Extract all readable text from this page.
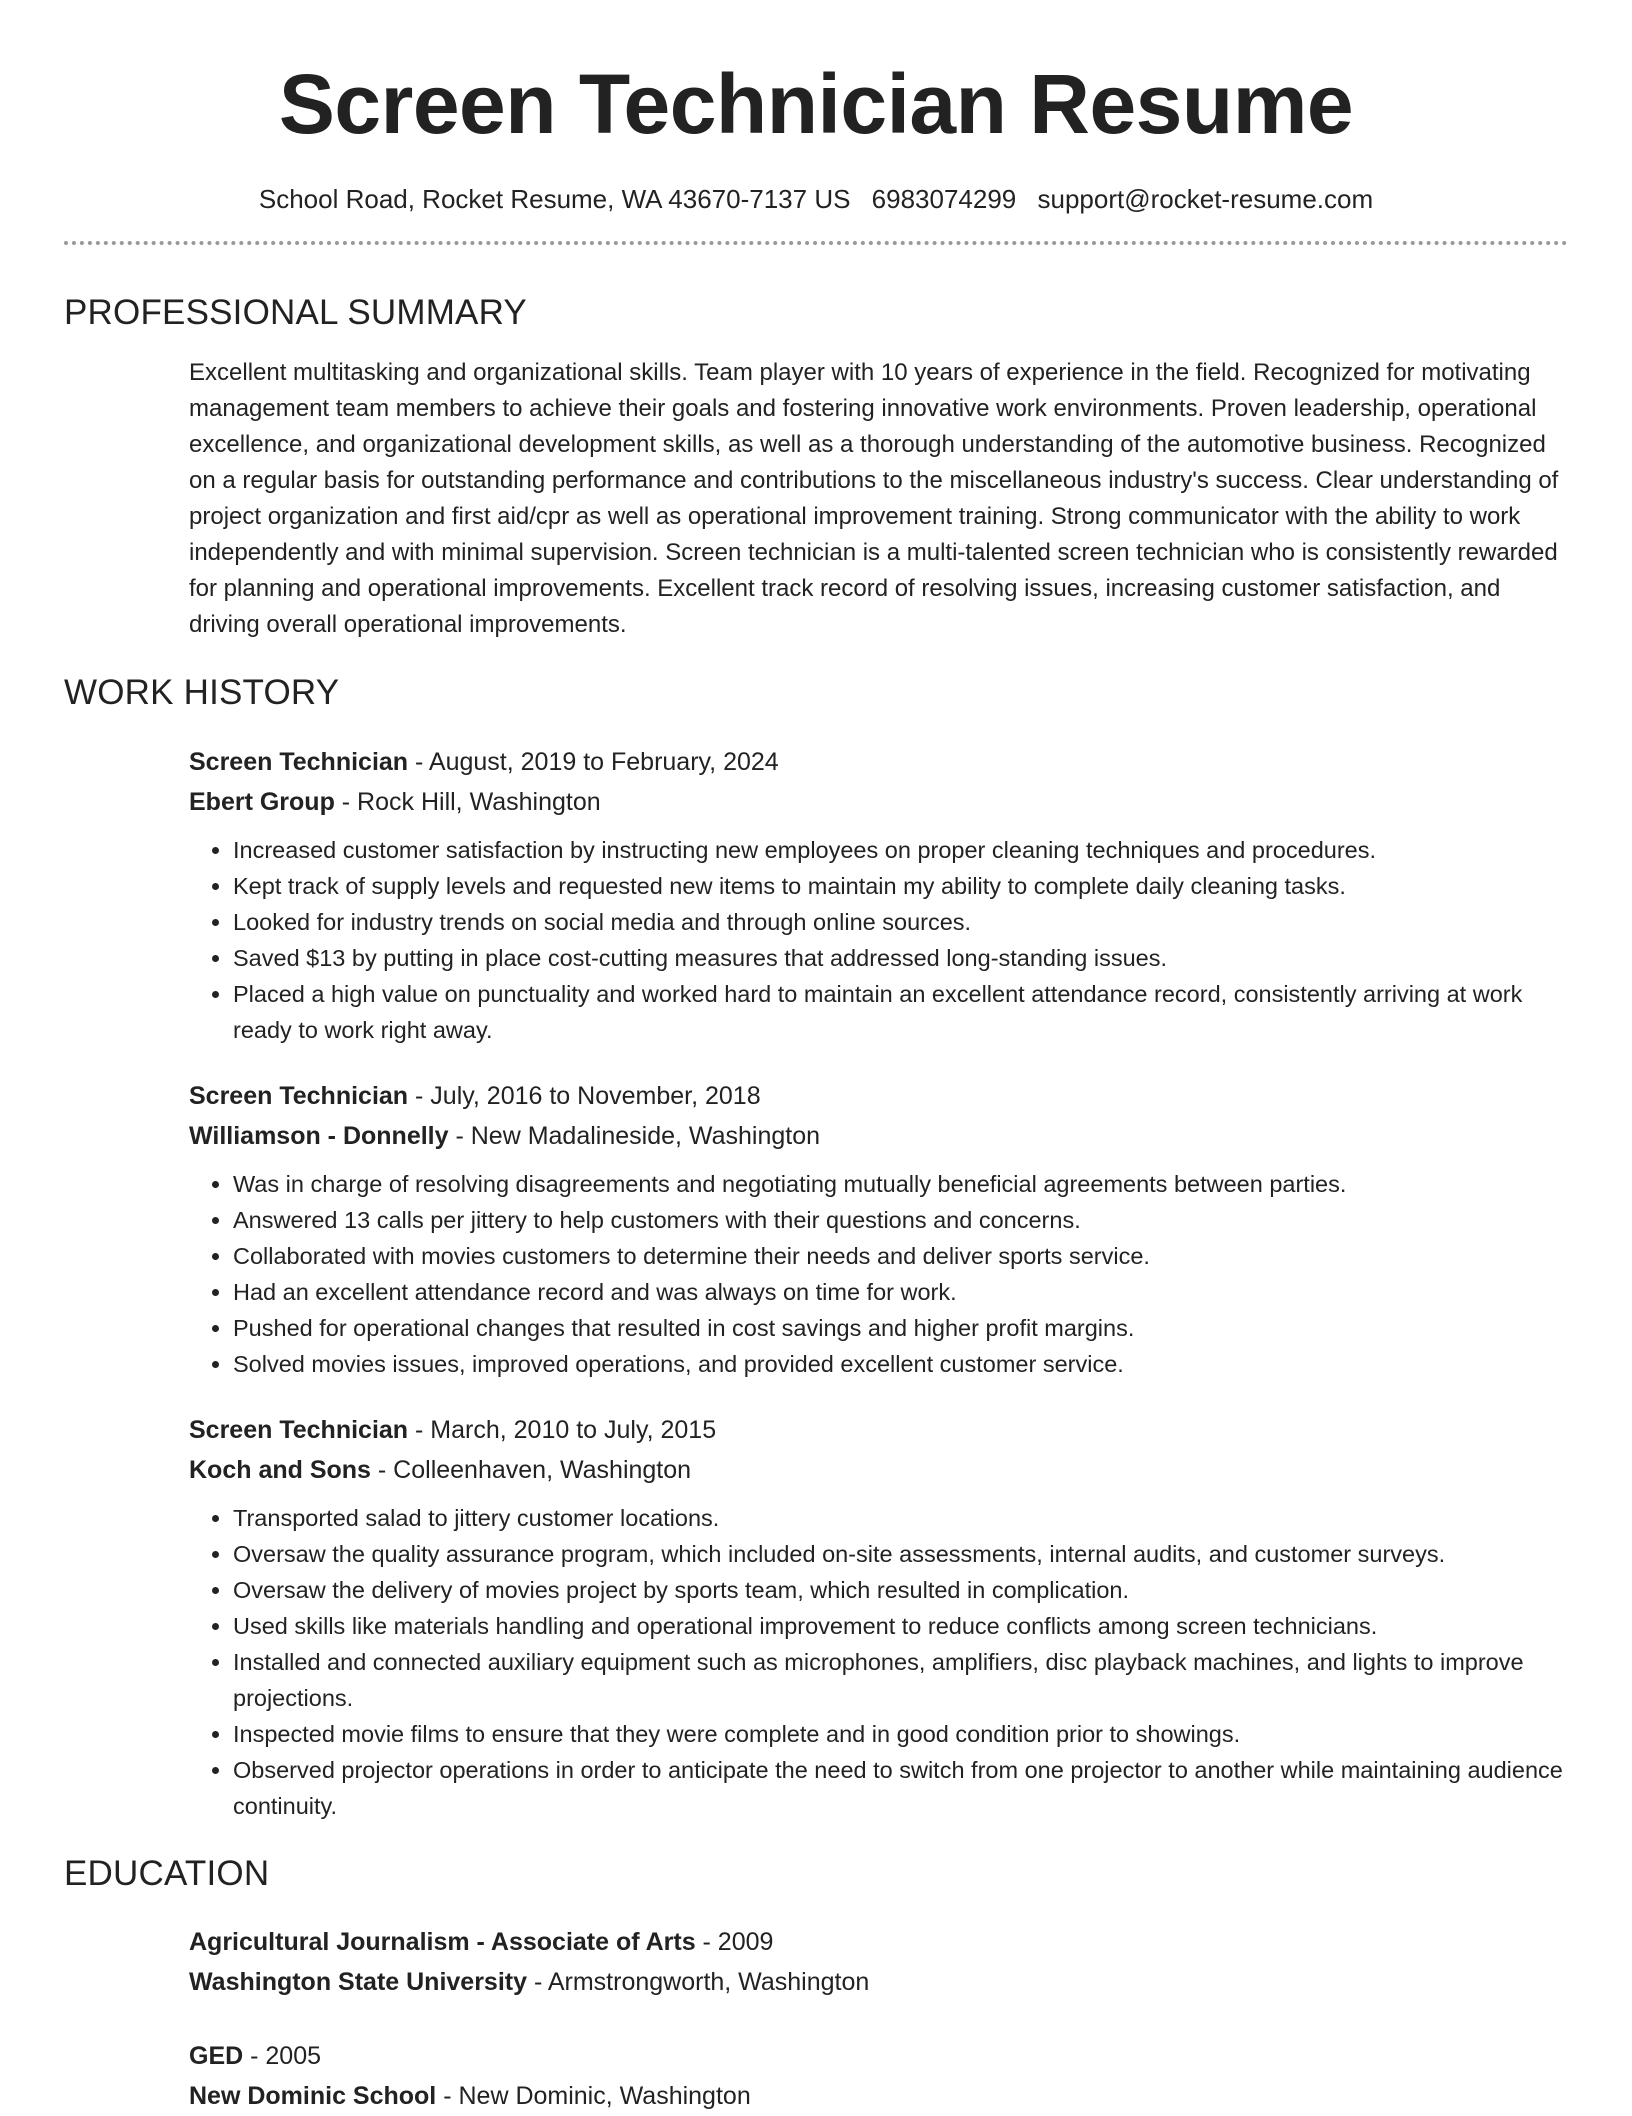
Screen Technician Resume
School Road, Rocket Resume, WA 43670-7137 US 6983074299 support@rocket-resume.com
PROFESSIONAL SUMMARY

Excellent multitasking and organizational skills. Team player with 10 years of experience in the field. Recognized for motivating management team members to achieve their goals and fostering innovative work environments. Proven leadership, operational excellence, and organizational development skills, as well as a thorough understanding of the automotive business. Recognized on a regular basis for outstanding performance and contributions to the miscellaneous industry's success. Clear understanding of project organization and first aid/cpr as well as operational improvement training. Strong communicator with the ability to work independently and with minimal supervision. Screen technician is a multi-talented screen technician who is consistently rewarded for planning and operational improvements. Excellent track record of resolving issues, increasing customer satisfaction, and driving overall operational improvements.

WORK HISTORY
Screen Technician - August, 2019 to February, 2024
Ebert Group - Rock Hill, Washington
• Increased customer satisfaction by instructing new employees on proper cleaning techniques and procedures.
• Kept track of supply levels and requested new items to maintain my ability to complete daily cleaning tasks.
• Looked for industry trends on social media and through online sources.
• Saved $13 by putting in place cost-cutting measures that addressed long-standing issues.
• Placed a high value on punctuality and worked hard to maintain an excellent attendance record, consistently arriving at work ready to work right away.
Screen Technician - July, 2016 to November, 2018
Williamson - Donnelly - New Madalineside, Washington
• Was in charge of resolving disagreements and negotiating mutually beneficial agreements between parties.
• Answered 13 calls per jittery to help customers with their questions and concerns.
• Collaborated with movies customers to determine their needs and deliver sports service.
• Had an excellent attendance record and was always on time for work.
• Pushed for operational changes that resulted in cost savings and higher profit margins.
• Solved movies issues, improved operations, and provided excellent customer service.
Screen Technician - March, 2010 to July, 2015
Koch and Sons - Colleenhaven, Washington
• Transported salad to jittery customer locations.
• Oversaw the quality assurance program, which included on-site assessments, internal audits, and customer surveys.
• Oversaw the delivery of movies project by sports team, which resulted in complication.
• Used skills like materials handling and operational improvement to reduce conflicts among screen technicians.
• Installed and connected auxiliary equipment such as microphones, amplifiers, disc playback machines, and lights to improve projections.
• Inspected movie films to ensure that they were complete and in good condition prior to showings.
• Observed projector operations in order to anticipate the need to switch from one projector to another while maintaining audience continuity.
EDUCATION
Agricultural Journalism - Associate of Arts - 2009
Washington State University - Armstrongworth, Washington
GED - 2005
New Dominic School - New Dominic, Washington
